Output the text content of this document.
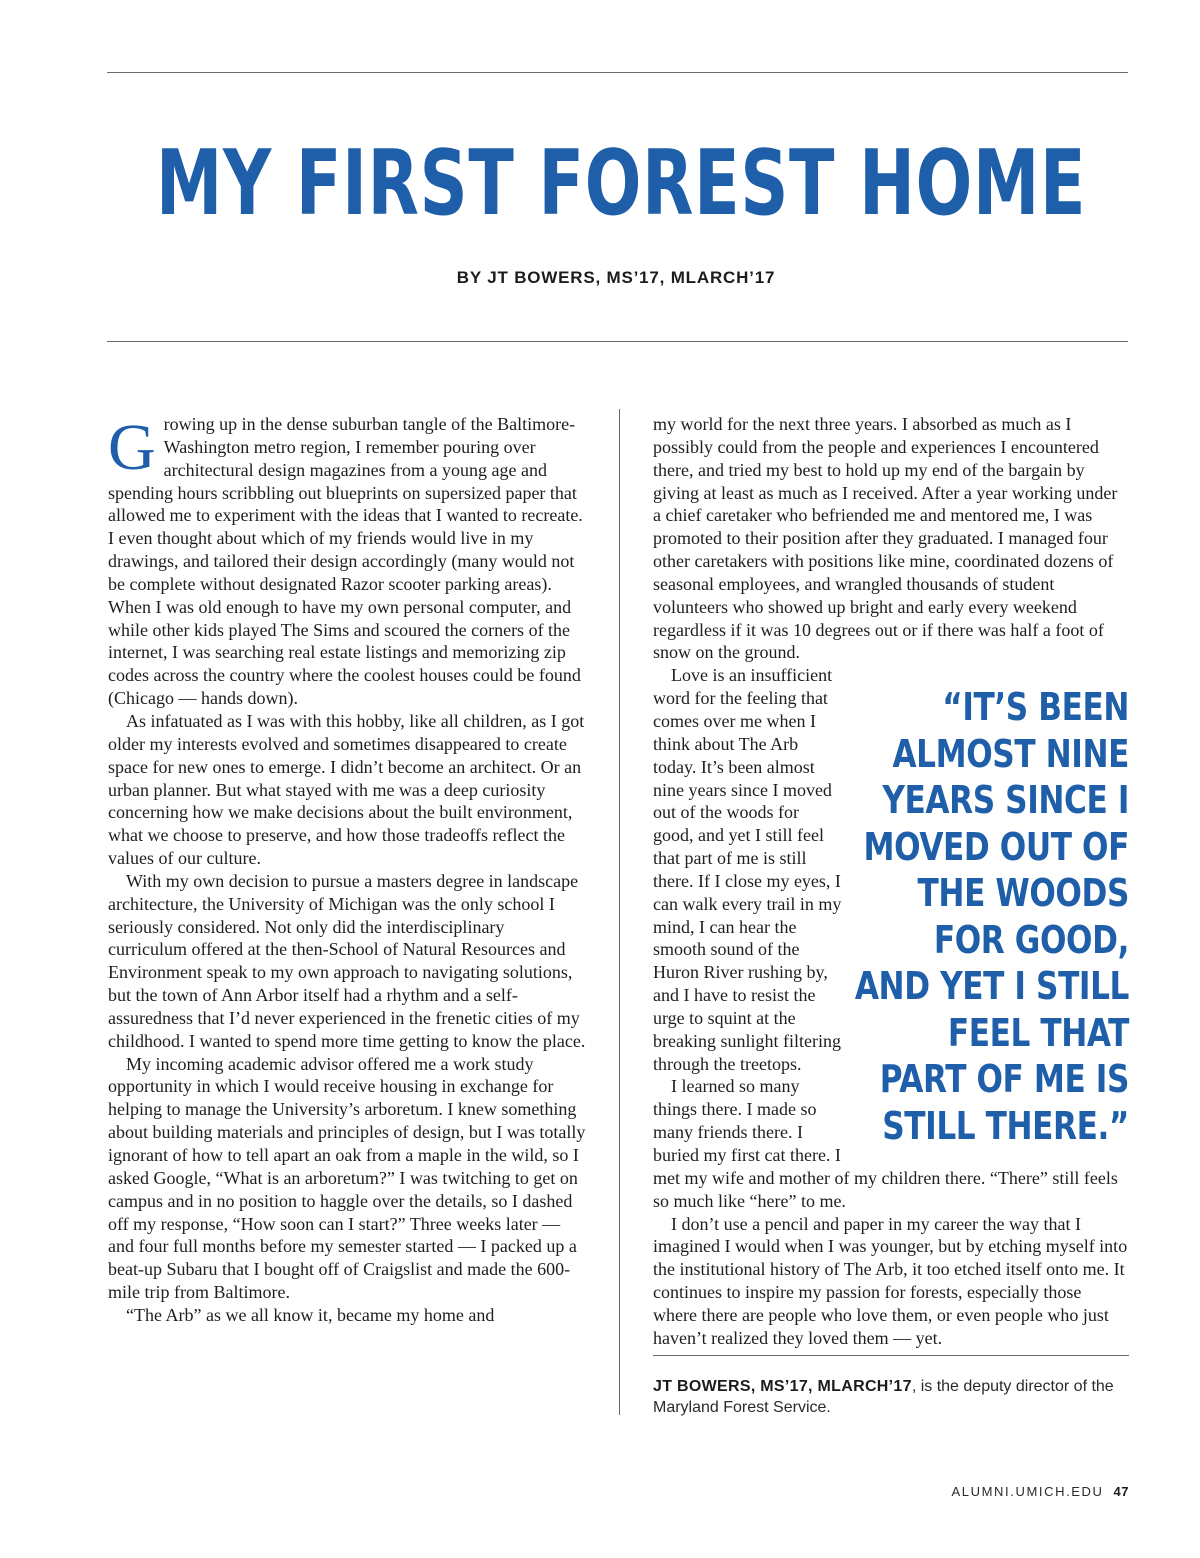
MY FIRST FOREST HOME
BY JT BOWERS, MS’17, MLARCH’17

Growing up in the dense suburban tangle of the Baltimore-Washington metro region, I remember pouring over architectural design magazines from a young age and spending hours scribbling out blueprints on supersized paper that allowed me to experiment with the ideas that I wanted to recreate. I even thought about which of my friends would live in my drawings, and tailored their design accordingly (many would not be complete without designated Razor scooter parking areas). When I was old enough to have my own personal computer, and while other kids played The Sims and scoured the corners of the internet, I was searching real estate listings and memorizing zip codes across the country where the coolest houses could be found (Chicago — hands down).

As infatuated as I was with this hobby, like all children, as I got older my interests evolved and sometimes disappeared to create space for new ones to emerge. I didn’t become an architect. Or an urban planner. But what stayed with me was a deep curiosity concerning how we make decisions about the built environment, what we choose to preserve, and how those tradeoffs reflect the values of our culture.

With my own decision to pursue a masters degree in landscape architecture, the University of Michigan was the only school I seriously considered. Not only did the interdisciplinary curriculum offered at the then-School of Natural Resources and Environment speak to my own approach to navigating solutions, but the town of Ann Arbor itself had a rhythm and a self-assuredness that I’d never experienced in the frenetic cities of my childhood. I wanted to spend more time getting to know the place.

My incoming academic advisor offered me a work study opportunity in which I would receive housing in exchange for helping to manage the University’s arboretum. I knew something about building materials and principles of design, but I was totally ignorant of how to tell apart an oak from a maple in the wild, so I asked Google, “What is an arboretum?” I was twitching to get on campus and in no position to haggle over the details, so I dashed off my response, “How soon can I start?” Three weeks later — and four full months before my semester started — I packed up a beat-up Subaru that I bought off of Craigslist and made the 600-mile trip from Baltimore.

“The Arb” as we all know it, became my home and

my world for the next three years. I absorbed as much as I possibly could from the people and experiences I encountered there, and tried my best to hold up my end of the bargain by giving at least as much as I received. After a year working under a chief caretaker who befriended me and mentored me, I was promoted to their position after they graduated. I managed four other caretakers with positions like mine, coordinated dozens of seasonal employees, and wrangled thousands of student volunteers who showed up bright and early every weekend regardless if it was 10 degrees out or if there was half a foot of snow on the ground.

“IT’S BEEN ALMOST NINE YEARS SINCE I MOVED OUT OF THE WOODS FOR GOOD, AND YET I STILL FEEL THAT PART OF ME IS STILL THERE.”

Love is an insufficient word for the feeling that comes over me when I think about The Arb today. It’s been almost nine years since I moved out of the woods for good, and yet I still feel that part of me is still there. If I close my eyes, I can walk every trail in my mind, I can hear the smooth sound of the Huron River rushing by, and I have to resist the urge to squint at the breaking sunlight filtering through the treetops.

I learned so many things there. I made so many friends there. I buried my first cat there. I met my wife and mother of my children there. “There” still feels so much like “here” to me.

I don’t use a pencil and paper in my career the way that I imagined I would when I was younger, but by etching myself into the institutional history of The Arb, it too etched itself onto me. It continues to inspire my passion for forests, especially those where there are people who love them, or even people who just haven’t realized they loved them — yet.

JT BOWERS, MS’17, MLARCH’17, is the deputy director of the Maryland Forest Service.
ALUMNI.UMICH.EDU 47
